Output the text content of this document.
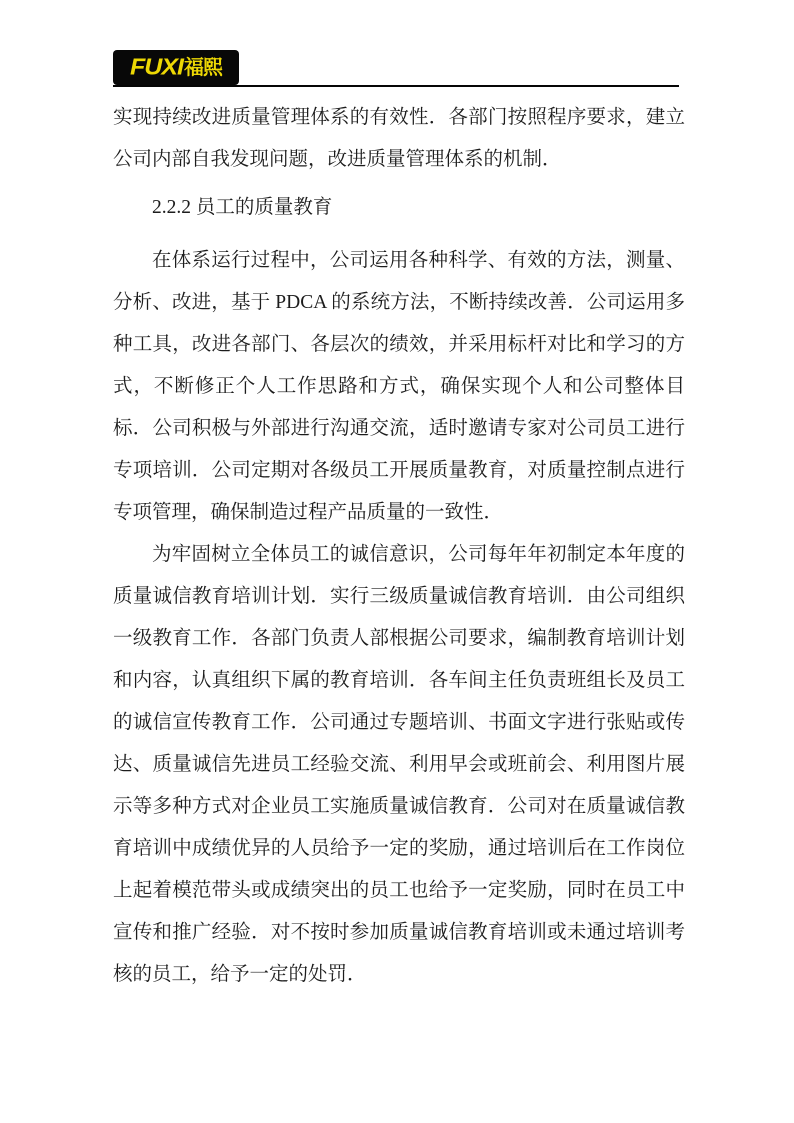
FUXI 福熙

实现持续改进质量管理体系的有效性．各部门按照程序要求，建立公司内部自我发现问题，改进质量管理体系的机制．

2.2.2 员工的质量教育

在体系运行过程中，公司运用各种科学、有效的方法，测量、分析、改进，基于 PDCA 的系统方法，不断持续改善．公司运用多种工具，改进各部门、各层次的绩效，并采用标杆对比和学习的方式，不断修正个人工作思路和方式，确保实现个人和公司整体目标．公司积极与外部进行沟通交流，适时邀请专家对公司员工进行专项培训．公司定期对各级员工开展质量教育，对质量控制点进行专项管理，确保制造过程产品质量的一致性．

为牢固树立全体员工的诚信意识，公司每年年初制定本年度的质量诚信教育培训计划．实行三级质量诚信教育培训．由公司组织一级教育工作．各部门负责人部根据公司要求，编制教育培训计划和内容，认真组织下属的教育培训．各车间主任负责班组长及员工的诚信宣传教育工作．公司通过专题培训、书面文字进行张贴或传达、质量诚信先进员工经验交流、利用早会或班前会、利用图片展示等多种方式对企业员工实施质量诚信教育．公司对在质量诚信教育培训中成绩优异的人员给予一定的奖励，通过培训后在工作岗位上起着模范带头或成绩突出的员工也给予一定奖励，同时在员工中宣传和推广经验．对不按时参加质量诚信教育培训或未通过培训考核的员工，给予一定的处罚．
